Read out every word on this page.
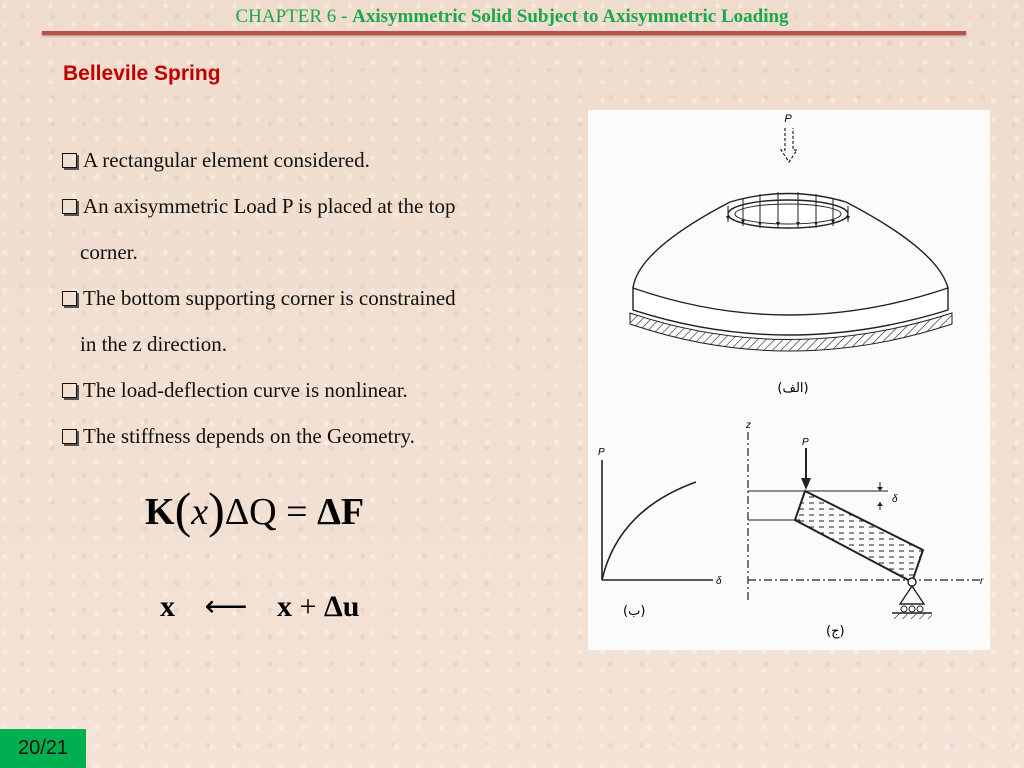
CHAPTER 6 - Axisymmetric Solid Subject to Axisymmetric Loading
Bellevile Spring
A rectangular element considered.
An axisymmetric Load P is placed at the top
corner.
The bottom supporting corner is constrained
in the z direction.
The load-deflection curve is nonlinear.
The stiffness depends on the Geometry.
K(x)ΔQ = ΔF
x ⟵ x + Δu
P
(الف)
P
δ
(ب)
z
r
P
δ
(ج)
20/21
